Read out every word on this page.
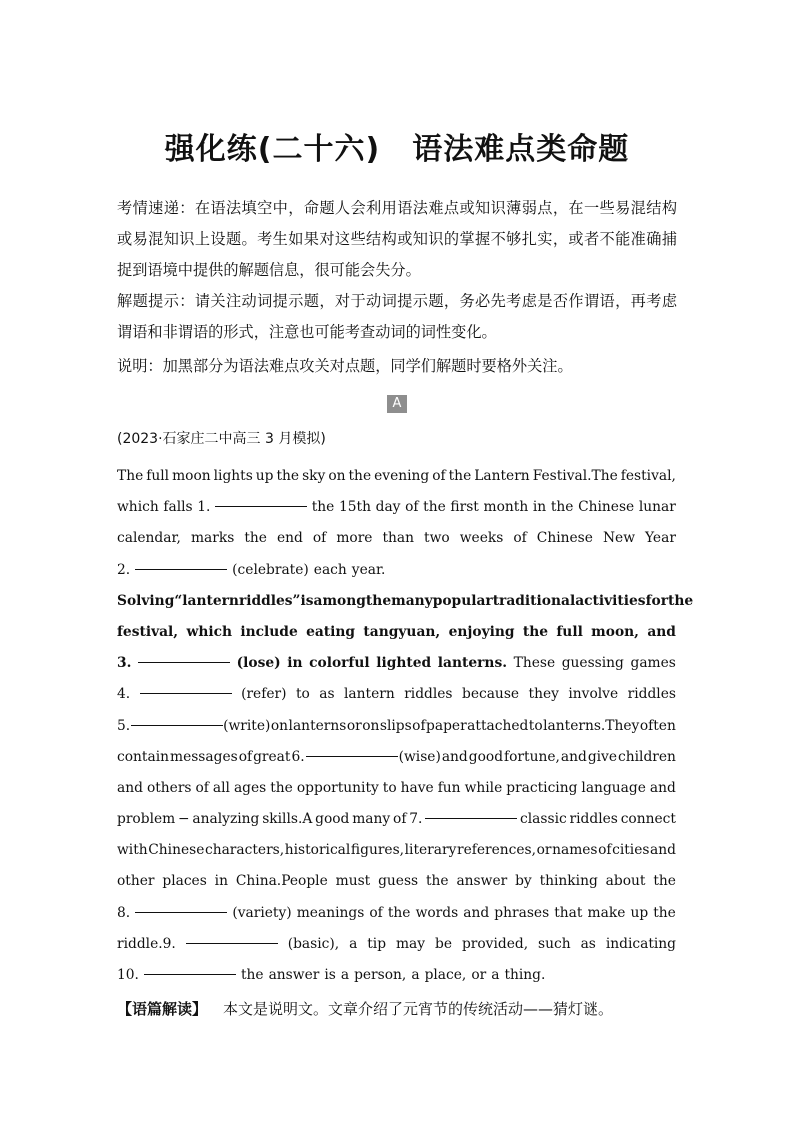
强化练(二十六) 语法难点类命题
考情速递：在语法填空中，命题人会利用语法难点或知识薄弱点，在一些易混结构或易混知识上设题。考生如果对这些结构或知识的掌握不够扎实，或者不能准确捕捉到语境中提供的解题信息，很可能会失分。
解题提示：请关注动词提示题，对于动词提示题，务必先考虑是否作谓语，再考虑谓语和非谓语的形式，注意也可能考查动词的词性变化。
说明：加黑部分为语法难点攻关对点题，同学们解题时要格外关注。
A
(2023·石家庄二中高三 3 月模拟)
The full moon lights up the sky on the evening of the Lantern Festival.The festival,
which falls 1.	the 15th day of the first month in the Chinese lunar
calendar, marks the end of more than two weeks of Chinese New Year
2.	(celebrate) each year.
Solving “lantern riddles” is among the many popular traditional activities for the
festival, which include eating tangyuan, enjoying the full moon, and
3.	(lose) in colorful lighted lanterns. These guessing games
4.	(refer) to as lantern riddles because they involve riddles
5.	(write) on lanterns or on slips of paper attached to lanterns.They often
contain messages of great 6.	(wise) and good fortune, and give children
and others of all ages the opportunity to have fun while practicing language and
problem − analyzing skills.A good many of 7.	classic riddles connect
with Chinese characters, historical figures, literary references, or names of cities and
other places in China.People must guess the answer by thinking about the
8.	(variety) meanings of the words and phrases that make up the
riddle.9.	(basic), a tip may be provided, such as indicating
10.	the answer is a person, a place, or a thing.
【语篇解读】 本文是说明文。文章介绍了元宵节的传统活动——猜灯谜。
